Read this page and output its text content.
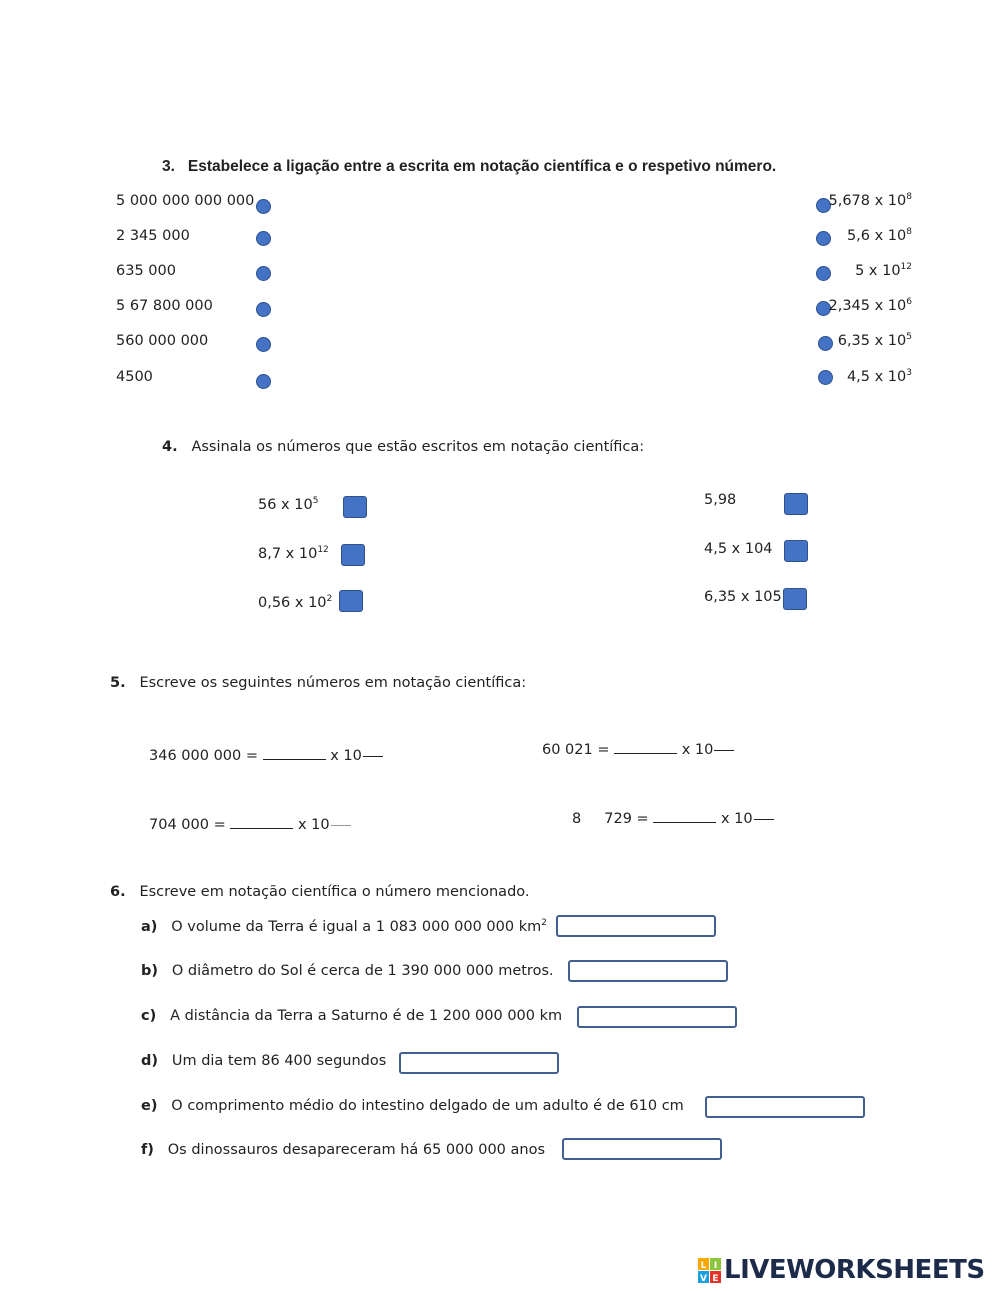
3. Estabelece a ligação entre a escrita em notação científica e o respetivo número.
5 000 000 000 000
2 345 000
635 000
5 67 800 000
560 000 000
4500
5,678 x $10^8$
5,6 x $10^8$
5 x $10^{12}$
2,345 x $10^6$
6,35 x $10^5$
4,5 x $10^3$
4. Assinala os números que estão escritos em notação científica:
56 x $10^5$
8,7 x $10^{12}$
0,56 x $10^2$
5,98
4,5 x 104
6,35 x 105
5. Escreve os seguintes números em notação científica:
346 000 000 =	x 10	60 021 =	x 10
704 000 =	x 10	8     729 =	x 10
6. Escreve em notação científica o número mencionado.
a) O volume da Terra é igual a 1 083 000 000 000 $km^2$
b) O diâmetro do Sol é cerca de 1 390 000 000 metros.
c) A distância da Terra a Saturno é de 1 200 000 000 km
d) Um dia tem 86 400 segundos
e) O comprimento médio do intestino delgado de um adulto é de 610 cm
f) Os dinossauros desapareceram há 65 000 000 anos
L I
V E LIVEWORKSHEETS
